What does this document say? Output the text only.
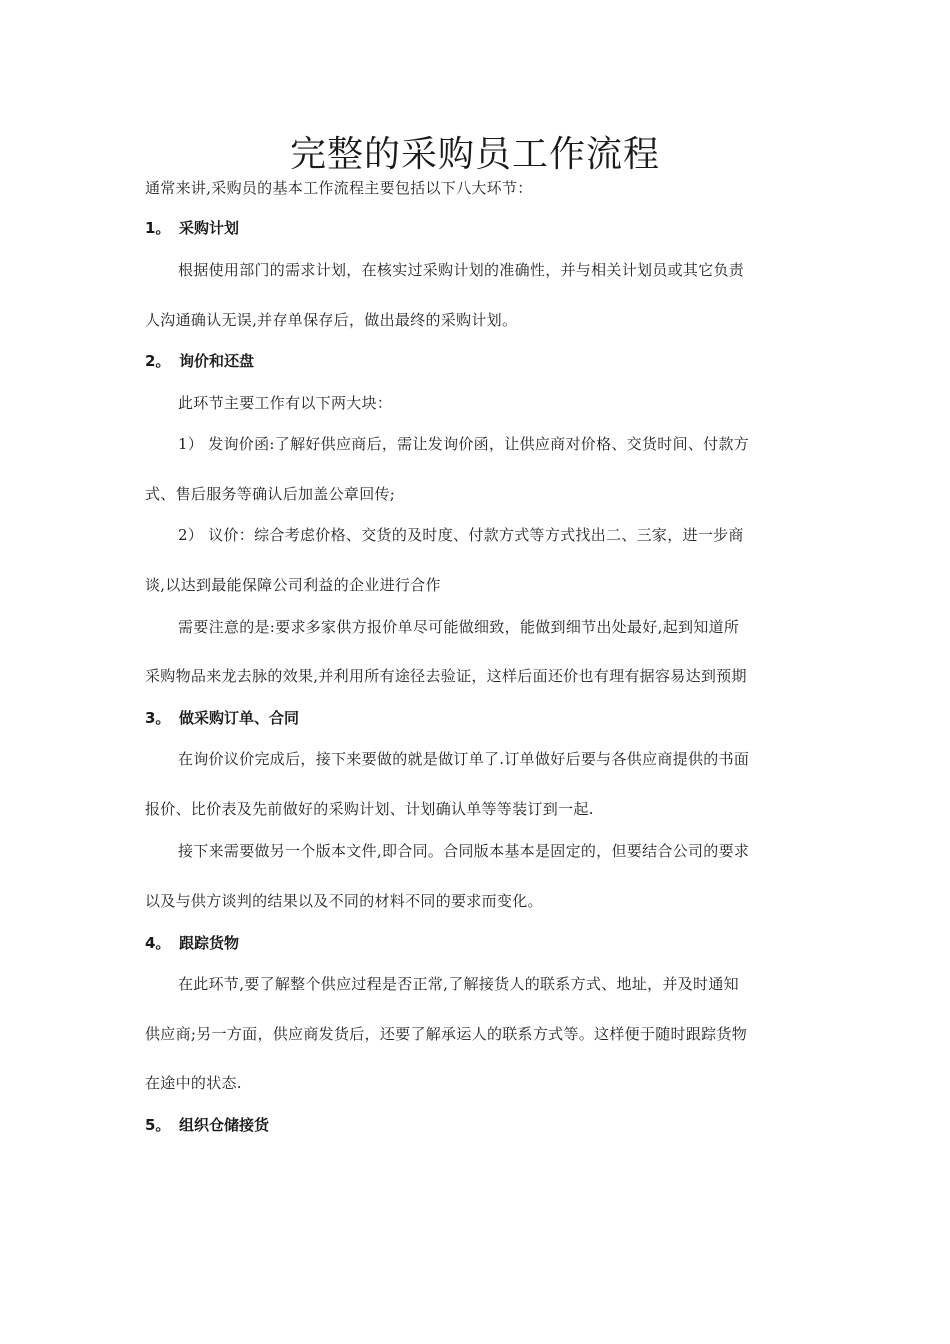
完整的采购员工作流程
通常来讲,采购员的基本工作流程主要包括以下八大环节：
1。 采购计划
根据使用部门的需求计划，在核实过采购计划的准确性，并与相关计划员或其它负责
人沟通确认无误,并存单保存后，做出最终的采购计划。
2。 询价和还盘
此环节主要工作有以下两大块：
1） 发询价函:了解好供应商后，需让发询价函，让供应商对价格、交货时间、付款方
式、售后服务等确认后加盖公章回传;
2） 议价：综合考虑价格、交货的及时度、付款方式等方式找出二、三家，进一步商
谈,以达到最能保障公司利益的企业进行合作
需要注意的是:要求多家供方报价单尽可能做细致，能做到细节出处最好,起到知道所
采购物品来龙去脉的效果,并利用所有途径去验证，这样后面还价也有理有据容易达到预期
3。 做采购订单、合同
在询价议价完成后，接下来要做的就是做订单了.订单做好后要与各供应商提供的书面
报价、比价表及先前做好的采购计划、计划确认单等等装订到一起.
接下来需要做另一个版本文件,即合同。合同版本基本是固定的，但要结合公司的要求
以及与供方谈判的结果以及不同的材料不同的要求而变化。
4。 跟踪货物
在此环节,要了解整个供应过程是否正常,了解接货人的联系方式、地址，并及时通知
供应商;另一方面，供应商发货后，还要了解承运人的联系方式等。这样便于随时跟踪货物
在途中的状态.
5。 组织仓储接货
